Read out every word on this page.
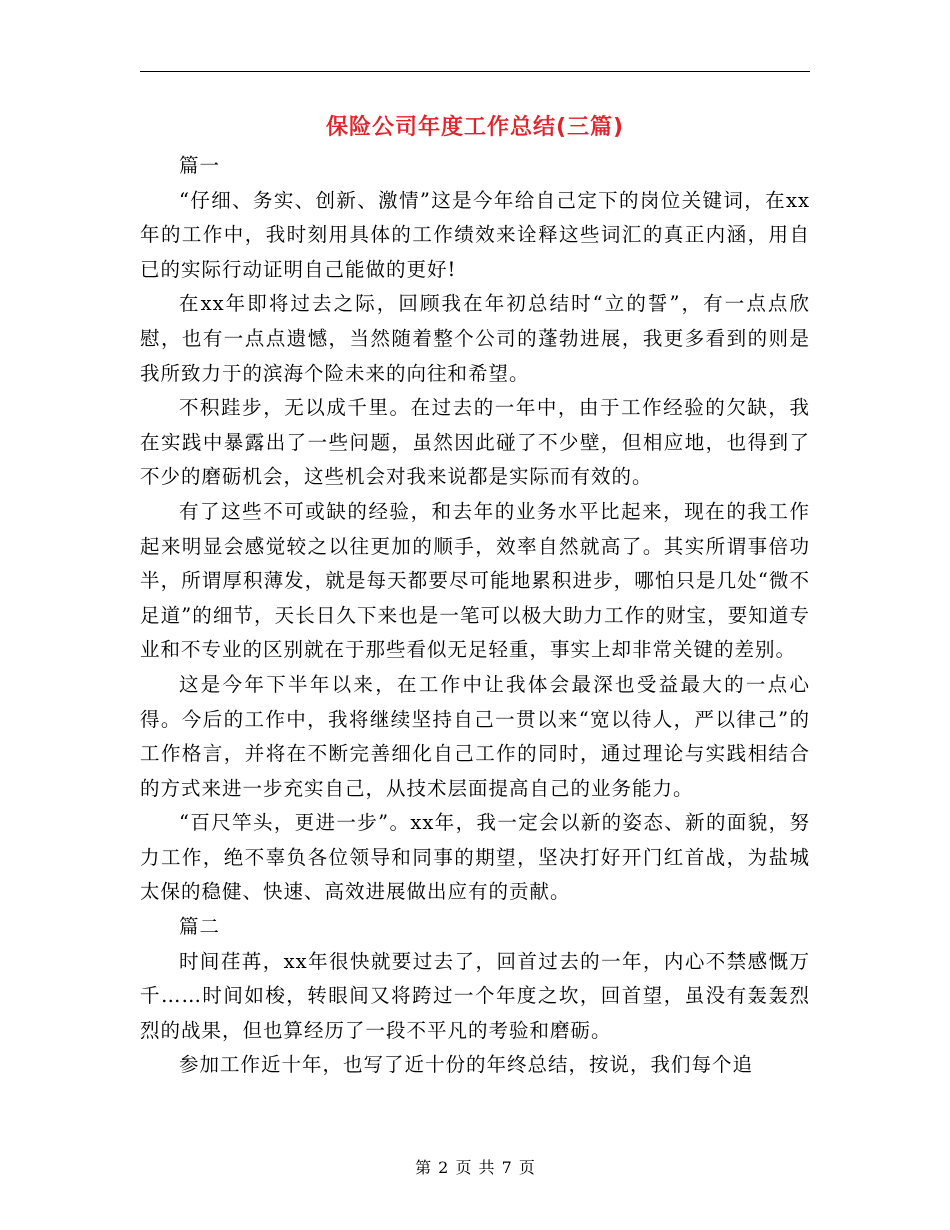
保险公司年度工作总结(三篇)

篇一

“仔细、务实、创新、激情”这是今年给自己定下的岗位关键词，在xx年的工作中，我时刻用具体的工作绩效来诠释这些词汇的真正内涵，用自已的实际行动证明自己能做的更好!

在xx年即将过去之际，回顾我在年初总结时“立的誓”，有一点点欣慰，也有一点点遗憾，当然随着整个公司的蓬勃进展，我更多看到的则是我所致力于的滨海个险未来的向往和希望。

不积跬步，无以成千里。在过去的一年中，由于工作经验的欠缺，我在实践中暴露出了一些问题，虽然因此碰了不少壁，但相应地，也得到了不少的磨砺机会，这些机会对我来说都是实际而有效的。

有了这些不可或缺的经验，和去年的业务水平比起来，现在的我工作起来明显会感觉较之以往更加的顺手，效率自然就高了。其实所谓事倍功半，所谓厚积薄发，就是每天都要尽可能地累积进步，哪怕只是几处“微不足道”的细节，天长日久下来也是一笔可以极大助力工作的财宝，要知道专业和不专业的区别就在于那些看似无足轻重，事实上却非常关键的差别。

这是今年下半年以来，在工作中让我体会最深也受益最大的一点心得。今后的工作中，我将继续坚持自己一贯以来“宽以待人，严以律己”的工作格言，并将在不断完善细化自己工作的同时，通过理论与实践相结合的方式来进一步充实自己，从技术层面提高自己的业务能力。

“百尺竿头，更进一步”。xx年，我一定会以新的姿态、新的面貌，努力工作，绝不辜负各位领导和同事的期望，坚决打好开门红首战，为盐城太保的稳健、快速、高效进展做出应有的贡献。

篇二

时间荏苒，xx年很快就要过去了，回首过去的一年，内心不禁感慨万千……时间如梭，转眼间又将跨过一个年度之坎，回首望，虽没有轰轰烈烈的战果，但也算经历了一段不平凡的考验和磨砺。

参加工作近十年，也写了近十份的年终总结，按说，我们每个追

第 2 页 共 7 页
